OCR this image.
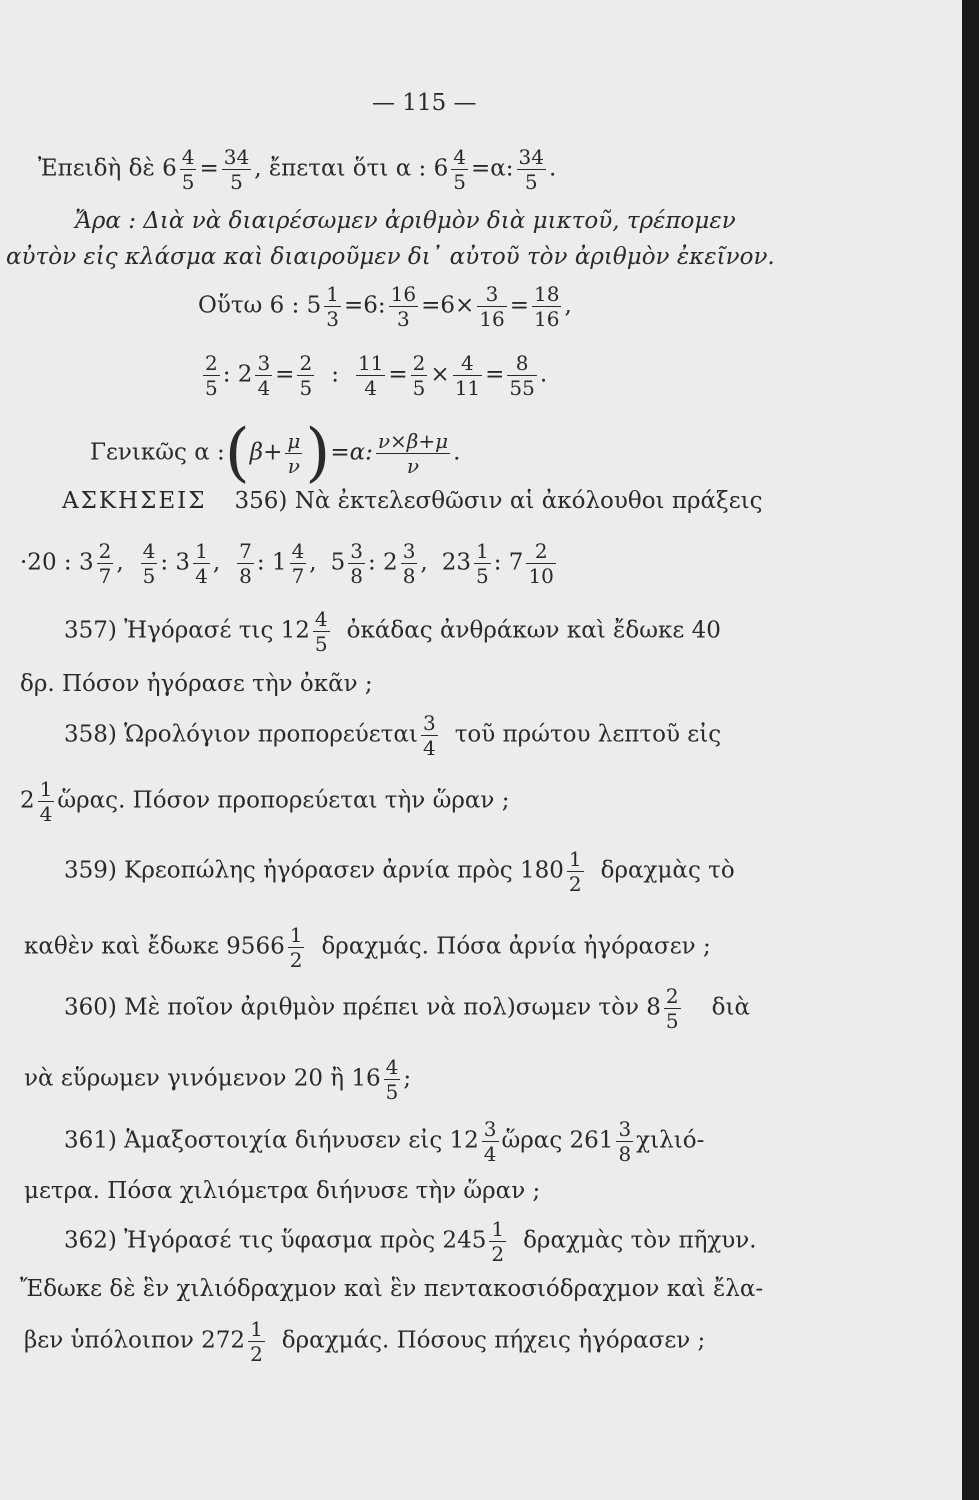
— 115 —
Ἐπειδὴ δὲ $6 \frac{4}{5} = \frac{34}{5}$ , ἔπεται ὅτι α : $6 \frac{4}{5} =\alpha$: $\frac{34}{5}$ .
Ἄρα : Διὰ νὰ διαιρέσωμεν ἀριθμὸν διὰ μικτοῦ, τρέπομεν
αὐτὸν εἰς κλάσμα καὶ διαιροῦμεν δι᾽ αὐτοῦ τὸν ἀριθμὸν ἐκεῖνον.
Οὕτω 6 : $5 \frac{1}{3} =6$: $\frac{16}{3} =6\times \frac{3}{16} = \frac{18}{16}$ ,
$\frac{2}{5}$ : $2 \frac{3}{4} = \frac{2}{5}$ : $\frac{11}{4} = \frac{2}{5} \times \frac{4}{11} = \frac{8}{55}$ .
Γενικῶς α :(β+ $\frac{\mu}{\nu} )=\alpha$: $\frac{\nu\times\beta+\mu}{\nu}$ .
ΑΣΚΗΣΕΙΣ 356) Νὰ ἐκτελεσθῶσιν αἱ ἀκόλουθοι πράξεις
·20 : $3 \frac{2}{7}$ , $\frac{4}{5}$ : $3 \frac{1}{4}$ , $\frac{7}{8}$ : $1 \frac{4}{7}$ , $5 \frac{3}{8}$ : $2 \frac{3}{8}$ , $23 \frac{1}{5}$ : $7 \frac{2}{10}$
357) Ἠγόρασέ τις $12 \frac{4}{5}$ ὀκάδας ἀνθράκων καὶ ἔδωκε 40
δρ. Πόσον ἠγόρασε τὴν ὀκᾶν ;
358) Ὡρολόγιον προπορεύεται $\frac{3}{4}$ τοῦ πρώτου λεπτοῦ εἰς
$2 \frac{1}{4}$ ὥρας. Πόσον προπορεύεται τὴν ὥραν ;
359) Κρεοπώλης ἠγόρασεν ἀρνία πρὸς $180 \frac{1}{2}$ δραχμὰς τὸ
καθὲν καὶ ἔδωκε $9566 \frac{1}{2} \delta\rho\alpha\chi\mu ά\varsigma$. Πόσα ἀρνία ἠγόρασεν ;
360) Μὲ ποῖον ἀριθμὸν πρέπει νὰ πολ)σωμεν τὸν $8 \frac{2}{5}$ διὰ
νὰ εὕρωμεν γινόμενον 20 ἢ $16 \frac{4}{5}$ ;
361) Ἁμαξοστοιχία διήνυσεν εἰς $12 \frac{3}{4}$ ὥρας $261 \frac{3}{8} \chi\iota\lambda\iota ό-$
μετρα. Πόσα χιλιόμετρα διήνυσε τὴν ὥραν ;
362) Ἠγόρασέ τις ὕφασμα πρὸς $245 \frac{1}{2}$ δραχμὰς τὸν πῆχυν.
Ἔδωκε δὲ ἓν χιλιόδραχμον καὶ ἓν πεντακοσιόδραχμον καὶ ἔλα-
βεν ὑπόλοιπον $272 \frac{1}{2} \delta\rho\alpha\chi\mu ά\varsigma$. Πόσους πήχεις ἠγόρασεν ;
